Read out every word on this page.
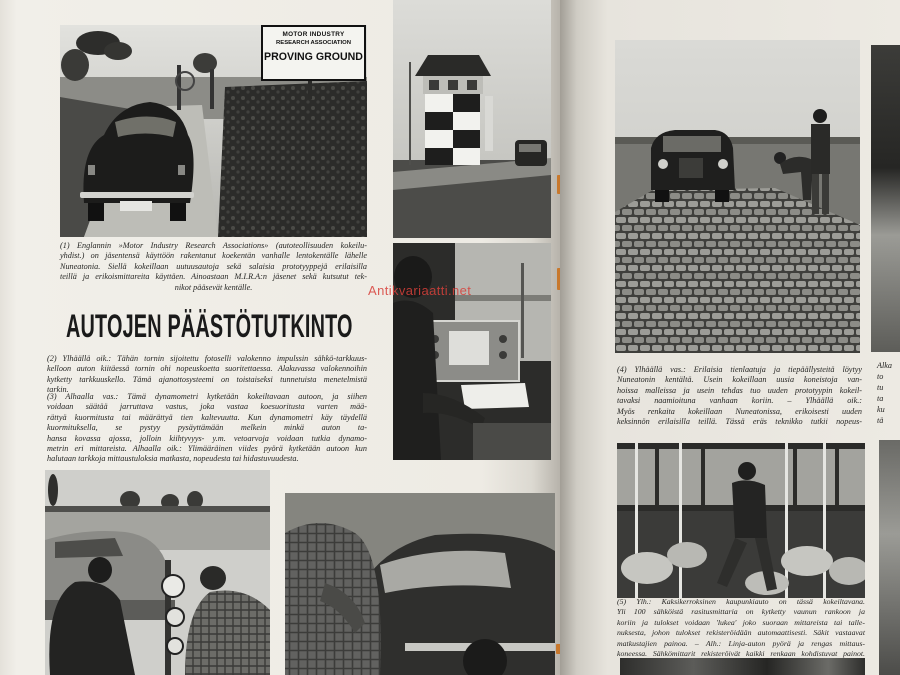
MOTOR INDUSTRY
RESEARCH ASSOCIATION
PROVING GROUND
(1) Englannin »Motor Industry Research Associations» (autoteollisuuden kokeilu-
yhdist.) on jäsentensä käyttöön rakentanut koekentän vanhalle lentokentälle lähelle
Nuneatonia. Siellä kokeillaan uutuusautoja sekä salaisia prototyyppejä erilaisilla
teillä ja erikoismittareita käyttäen. Ainoastaan M.I.R.A:n jäsenet sekä kutsutut tek-
nikot pääsevät kentälle.	Antikvariaatti.net
AUTOJEN PÄÄSTÖTUTKINTO
(2) Ylhäällä oik.: Tähän tornin sijoitettu fotoselli valokenno impulssin sähkö-tarkkuus-
kelloon auton kiitäessä tornin ohi nopeuskoetta suoritettaessa. Alakuvassa valokennoihin
kytketty tarkkuuskello. Tämä ajanottosysteemi on toistaiseksi tunnetuista menetelmistä
tarkin.
(3) Alhaalla vas.: Tämä dynamometri kytketään kokeiltavaan autoon, ja siihen
voidaan säätää jarruttava vastus, joka vastaa koesuoritusta varten mää-
rättyä kuormitusta tai määrättyä tien kaltevuutta. Kun dynamometri käy täydellä
kuormituksella, se pystyy pysäyttämään melkein minkä auton ta-
hansa kovassa ajossa, jolloin kiihtyvyys- y.m. vetoarvoja voidaan tutkia dynamo-
metrin eri mittareista. Alhaalla oik.: Ylimääräinen viides pyörä kytketään autoon kun
halutaan tarkkoja mittaustuloksia matkasta, nopeudesta tai hidastuvuudesta.
(4) Ylhäällä vas.: Erilaisia tienlaatuja ja tiepäällysteitä löytyy
Nuneatonin kentältä. Usein kokeillaan uusia koneistoja van-
hoissa malleissa ja usein tehdas tuo uuden prototyypin kokeil-
tavaksi naamioituna vanhaan koriin. – Ylhäällä oik.:
Myös renkaita kokeillaan Nuneatonissa, erikoisesti uuden
keksinnön erilaisilla teillä. Tässä eräs teknikko tutkii nopeus-
Alka
to
tu
ta
ku
tä
(5) Ylh.: Kaksikerroksinen kaupunkiauto on tässä kokeiltavana.
Yli 100 sähköistä rasitusmittaria on kytketty vaunun rankoon ja
koriin ja tulokset voidaan 'lukea' joko suoraan mittareista tai talle-
nuksesta, johon tulokset rekisteröidään automaattisesti. Säkit vastaavat
matkustajien painoa. – Alh.: Linja-auton pyörä ja rengas mittaus-
koneessa. Sähkömittarit rekisteröivät kaikki renkaan kohdistuvat painot.
